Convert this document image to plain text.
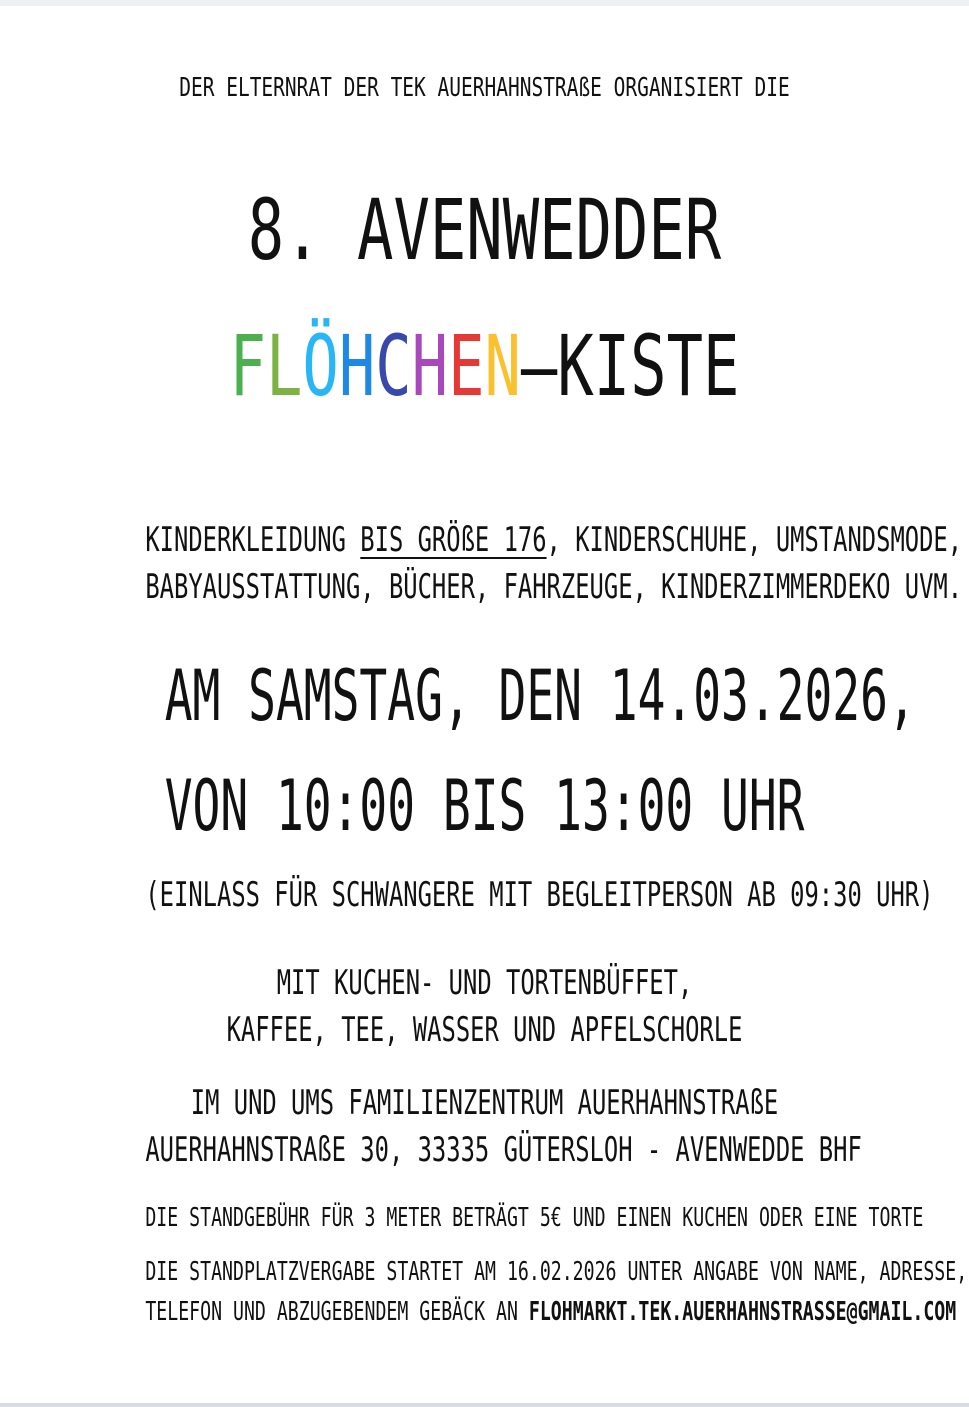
DER ELTERNRAT DER TEK AUERHAHNSTRAßE ORGANISIERT DIE
8. AVENWEDDER
FLÖHCHEN—KISTE
KINDERKLEIDUNG BIS GRÖßE 176, KINDERSCHUHE, UMSTANDSMODE,
BABYAUSSTATTUNG, BÜCHER, FAHRZEUGE, KINDERZIMMERDEKO UVM.
AM SAMSTAG, DEN 14.03.2026,
VON 10:00 BIS 13:00 UHR
(EINLASS FÜR SCHWANGERE MIT BEGLEITPERSON AB 09:30 UHR)
MIT KUCHEN- UND TORTENBÜFFET,
KAFFEE, TEE, WASSER UND APFELSCHORLE
IM UND UMS FAMILIENZENTRUM AUERHAHNSTRAßE
AUERHAHNSTRAßE 30, 33335 GÜTERSLOH - AVENWEDDE BHF
DIE STANDGEBÜHR FÜR 3 METER BETRÄGT 5€ UND EINEN KUCHEN ODER EINE TORTE
DIE STANDPLATZVERGABE STARTET AM 16.02.2026 UNTER ANGABE VON NAME, ADRESSE,
TELEFON UND ABZUGEBENDEM GEBÄCK AN FLOHMARKT.TEK.AUERHAHNSTRASSE@GMAIL.COM
